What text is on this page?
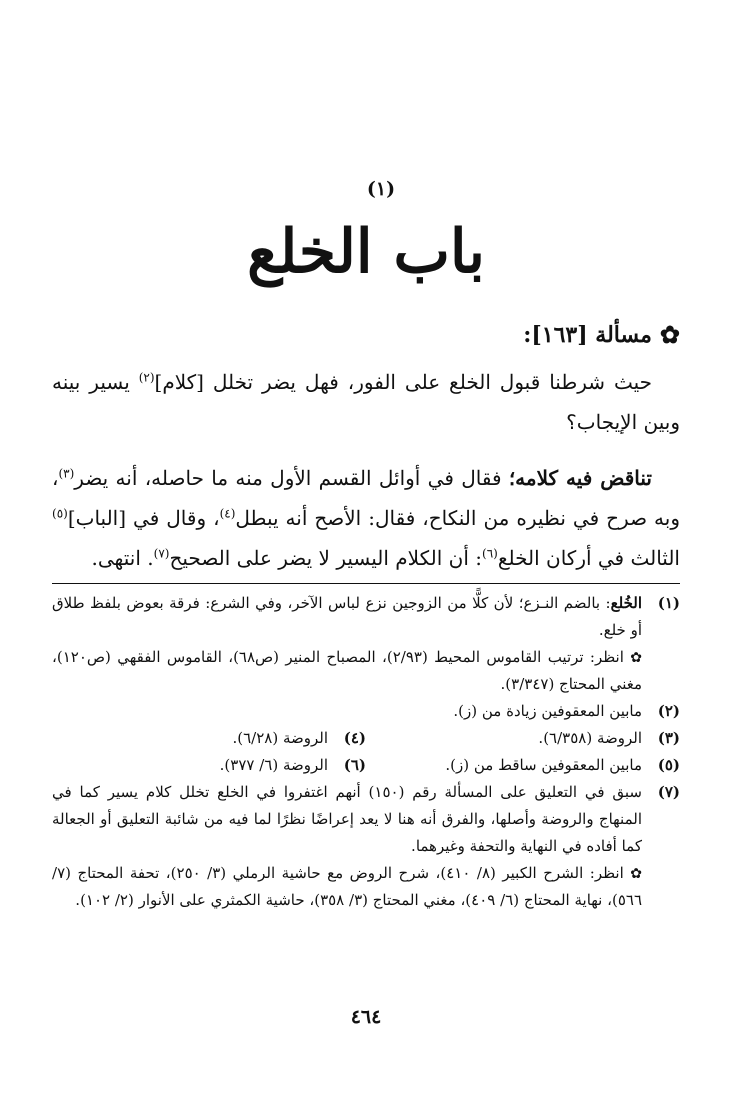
(١)
باب الخلع
✿
مسألة [١٦٣]:

حيث شرطنا قبول الخلع على الفور، فهل يضر تخلل [كلام]$^{(٢)}$ يسير بينه وبين الإيجاب؟

تناقض فيه كلامه؛ فقال في أوائل القسم الأول منه ما حاصله، أنه يضر$^{(٣)}$، وبه صرح في نظيره من النكاح، فقال: الأصح أنه يبطل$^{(٤)}$، وقال في [الباب]$^{(٥)}$ الثالث في أركان الخلع$^{(٦)}$: أن الكلام اليسير لا يضر على الصحيح$^{(٧)}$. انتهى.

(١)
الخُلع: بالضم النـزع؛ لأن كلًّا من الزوجين نزع لباس الآخر، وفي الشرع: فرقة بعوض بلفظ طلاق أو خلع.
✿ انظر: ترتيب القاموس المحيط (٢/٩٣)، المصباح المنير (ص٦٨)، القاموس الفقهي (ص١٢٠)، مغني المحتاج (٣/٣٤٧).
(٢)
مابين المعقوفين زيادة من (ز).
(٣)
الروضة (٦/٣٥٨).
(٤)
الروضة (٦/٢٨).
(٥)
مابين المعقوفين ساقط من (ز).
(٦)
الروضة (٦/ ٣٧٧).
(٧)
سبق في التعليق على المسألة رقم (١٥٠) أنهم اغتفروا في الخلع تخلل كلام يسير كما في المنهاج والروضة وأصلها، والفرق أنه هنا لا يعد إعراضًا نظرًا لما فيه من شائبة التعليق أو الجعالة كما أفاده في النهاية والتحفة وغيرهما.
✿ انظر: الشرح الكبير (٨/ ٤١٠)، شرح الروض مع حاشية الرملي (٣/ ٢٥٠)، تحفة المحتاج (٧/ ٥٦٦)، نهاية المحتاج (٦/ ٤٠٩)، مغني المحتاج (٣/ ٣٥٨)، حاشية الكمثري على الأنوار (٢/ ١٠٢).
٤٦٤
